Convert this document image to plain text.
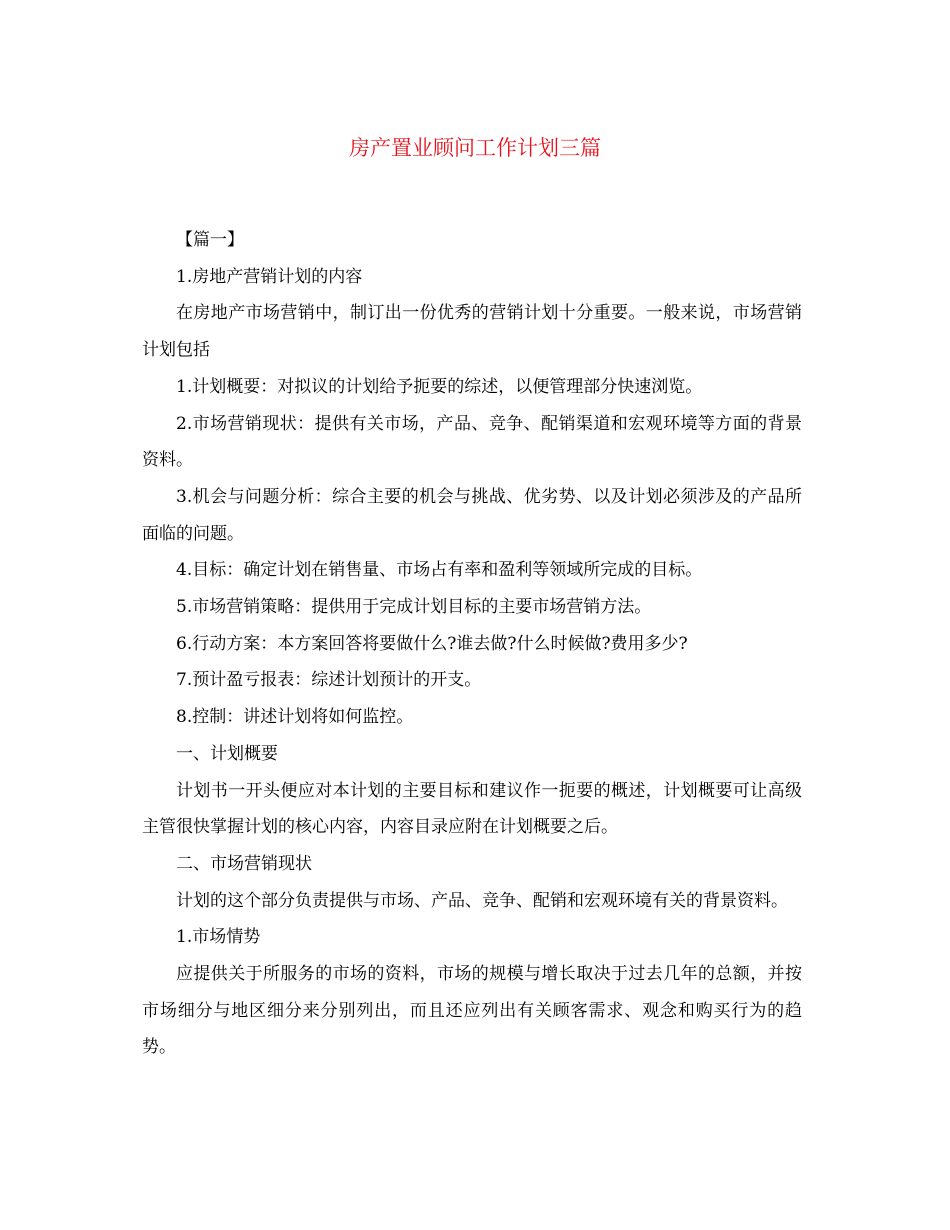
房产置业顾问工作计划三篇

【篇一】

1.房地产营销计划的内容

在房地产市场营销中，制订出一份优秀的营销计划十分重要。一般来说，市场营销计划包括

1.计划概要：对拟议的计划给予扼要的综述，以便管理部分快速浏览。

2.市场营销现状：提供有关市场，产品、竞争、配销渠道和宏观环境等方面的背景资料。

3.机会与问题分析：综合主要的机会与挑战、优劣势、以及计划必须涉及的产品所面临的问题。

4.目标：确定计划在销售量、市场占有率和盈利等领域所完成的目标。

5.市场营销策略：提供用于完成计划目标的主要市场营销方法。

6.行动方案：本方案回答将要做什么?谁去做?什么时候做?费用多少?

7.预计盈亏报表：综述计划预计的开支。

8.控制：讲述计划将如何监控。

一、计划概要

计划书一开头便应对本计划的主要目标和建议作一扼要的概述，计划概要可让高级主管很快掌握计划的核心内容，内容目录应附在计划概要之后。

二、市场营销现状

计划的这个部分负责提供与市场、产品、竞争、配销和宏观环境有关的背景资料。

1.市场情势

应提供关于所服务的市场的资料，市场的规模与增长取决于过去几年的总额，并按市场细分与地区细分来分别列出，而且还应列出有关顾客需求、观念和购买行为的趋势。
